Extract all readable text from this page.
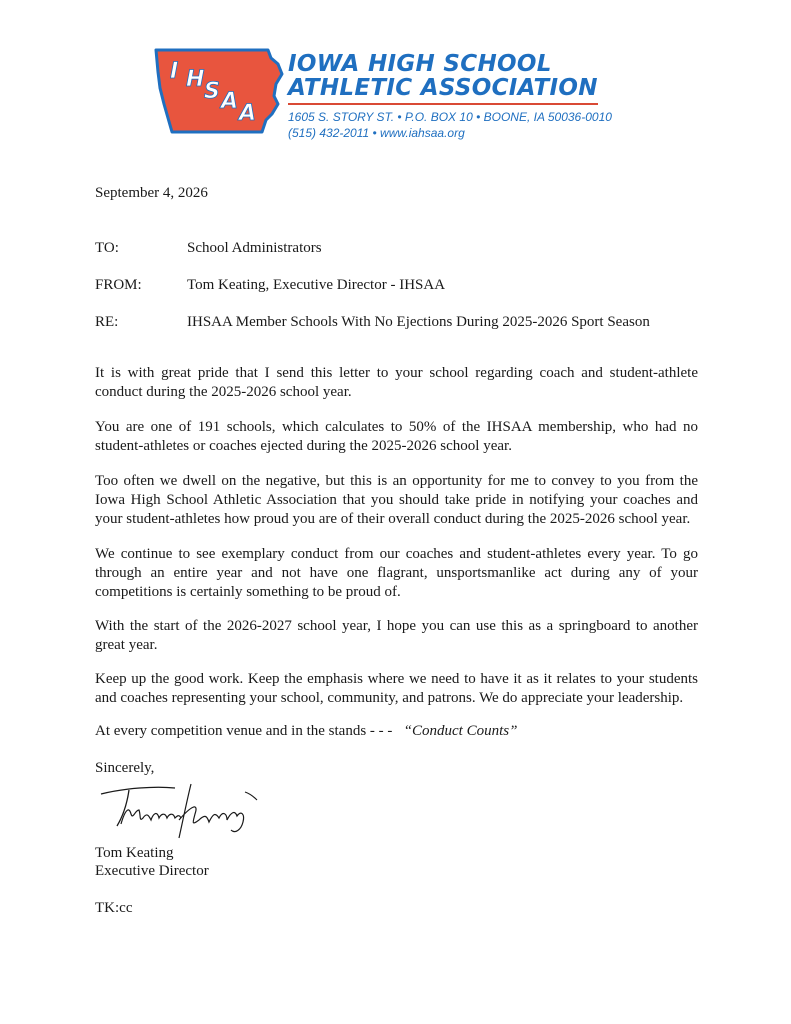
I H S A A
IOWA HIGH SCHOOL
ATHLETIC ASSOCIATION
1605 S. STORY ST. • P.O. BOX 10 • BOONE, IA 50036-0010
(515) 432-2011 • www.iahsaa.org
September 4, 2026
TO:	School Administrators
FROM:	Tom Keating, Executive Director - IHSAA
RE:	IHSAA Member Schools With No Ejections During 2025-2026 Sport Season
It is with great pride that I send this letter to your school regarding coach and student-athlete conduct during the 2025-2026 school year.
You are one of 191 schools, which calculates to 50% of the IHSAA membership, who had no student-athletes or coaches ejected during the 2025-2026 school year.
Too often we dwell on the negative, but this is an opportunity for me to convey to you from the Iowa High School Athletic Association that you should take pride in notifying your coaches and your student-athletes how proud you are of their overall conduct during the 2025-2026 school year.
We continue to see exemplary conduct from our coaches and student-athletes every year. To go through an entire year and not have one flagrant, unsportsmanlike act during any of your competitions is certainly something to be proud of.
With the start of the 2026-2027 school year, I hope you can use this as a springboard to another great year.
Keep up the good work. Keep the emphasis where we need to have it as it relates to your students and coaches representing your school, community, and patrons. We do appreciate your leadership.
At every competition venue and in the stands - - - “Conduct Counts”
Sincerely,
Tom Keating
Executive Director
TK:cc
